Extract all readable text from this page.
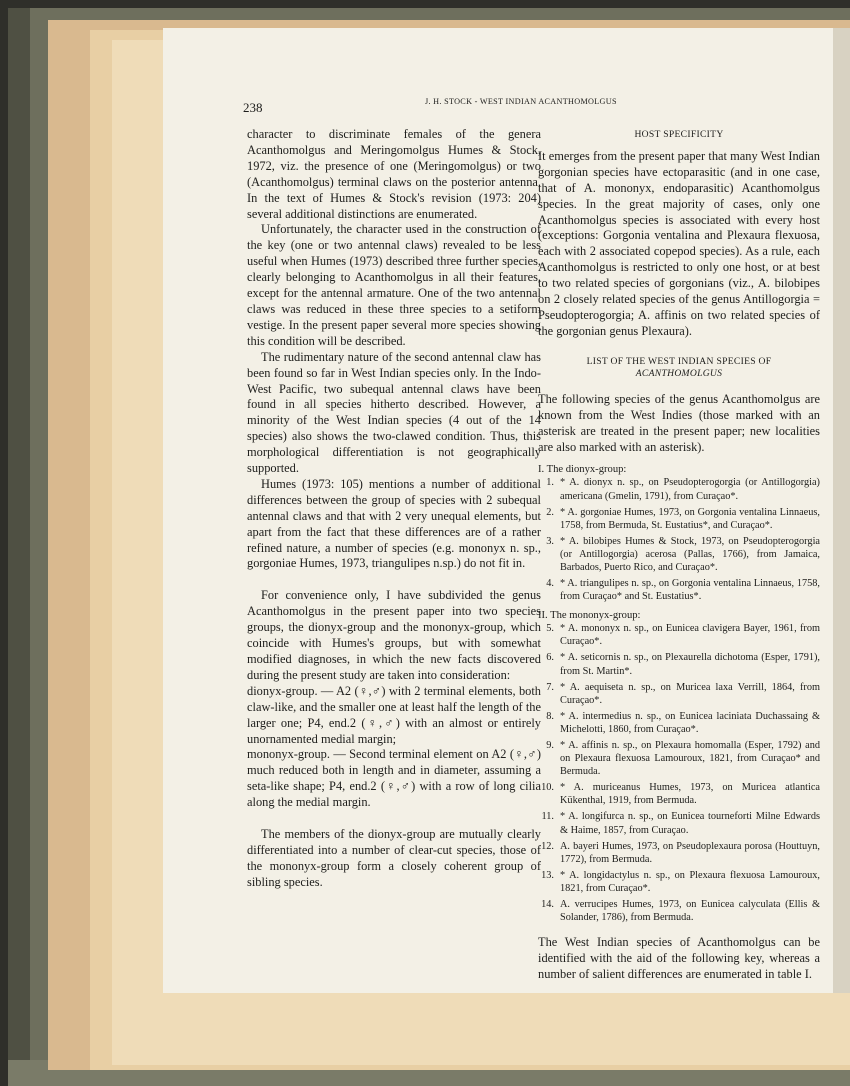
238	J. H. STOCK - WEST INDIAN ACANTHOMOLGUS

character to discriminate females of the genera Acanthomolgus and Meringomolgus Humes & Stock, 1972, viz. the presence of one (Meringomolgus) or two (Acanthomolgus) terminal claws on the posterior antenna. In the text of Humes & Stock's revision (1973: 204) several additional distinctions are enumerated.

Unfortunately, the character used in the construction of the key (one or two antennal claws) revealed to be less useful when Humes (1973) described three further species, clearly belonging to Acanthomolgus in all their features, except for the antennal armature. One of the two antennal claws was reduced in these three species to a setiform vestige. In the present paper several more species showing this condition will be described.

The rudimentary nature of the second antennal claw has been found so far in West Indian species only. In the Indo-West Pacific, two subequal antennal claws have been found in all species hitherto described. However, a minority of the West Indian species (4 out of the 14 species) also shows the two-clawed condition. Thus, this morphological differentiation is not geographically supported.

Humes (1973: 105) mentions a number of additional differences between the group of species with 2 subequal antennal claws and that with 2 very unequal elements, but apart from the fact that these differences are of a rather refined nature, a number of species (e.g. mononyx n. sp., gorgoniae Humes, 1973, triangulipes n.sp.) do not fit in.

For convenience only, I have subdivided the genus Acanthomolgus in the present paper into two species groups, the dionyx-group and the mononyx-group, which coincide with Humes's groups, but with somewhat modified diagnoses, in which the new facts discovered during the present study are taken into consideration:

dionyx-group. — A2 (♀,♂) with 2 terminal elements, both claw-like, and the smaller one at least half the length of the larger one; P4, end.2 (♀,♂) with an almost or entirely unornamented medial margin;

mononyx-group. — Second terminal element on A2 (♀,♂) much reduced both in length and in diameter, assuming a seta-like shape; P4, end.2 (♀,♂) with a row of long cilia along the medial margin.

The members of the dionyx-group are mutually clearly differentiated into a number of clear-cut species, those of the mononyx-group form a closely coherent group of sibling species.

HOST SPECIFICITY

It emerges from the present paper that many West Indian gorgonian species have ectoparasitic (and in one case, that of A. mononyx, endoparasitic) Acanthomolgus species. In the great majority of cases, only one Acanthomolgus species is associated with every host (exceptions: Gorgonia ventalina and Plexaura flexuosa, each with 2 associated copepod species). As a rule, each Acanthomolgus is restricted to only one host, or at best to two related species of gorgonians (viz., A. bilobipes on 2 closely related species of the genus Antillogorgia = Pseudopterogorgia; A. affinis on two related species of the gorgonian genus Plexaura).

LIST OF THE WEST INDIAN SPECIES OF

ACANTHOMOLGUS

The following species of the genus Acanthomolgus are known from the West Indies (those marked with an asterisk are treated in the present paper; new localities are also marked with an asterisk).

I. The dionyx-group:

1. * A. dionyx n. sp., on Pseudopterogorgia (or Antillogorgia) americana (Gmelin, 1791), from Curaçao*.
2. * A. gorgoniae Humes, 1973, on Gorgonia ventalina Linnaeus, 1758, from Bermuda, St. Eustatius*, and Curaçao*.
3. * A. bilobipes Humes & Stock, 1973, on Pseudopterogorgia (or Antillogorgia) acerosa (Pallas, 1766), from Jamaica, Barbados, Puerto Rico, and Curaçao*.
4. * A. triangulipes n. sp., on Gorgonia ventalina Linnaeus, 1758, from Curaçao* and St. Eustatius*.

II. The mononyx-group:

5. * A. mononyx n. sp., on Eunicea clavigera Bayer, 1961, from Curaçao*.
6. * A. seticornis n. sp., on Plexaurella dichotoma (Esper, 1791), from St. Martin*.
7. * A. aequiseta n. sp., on Muricea laxa Verrill, 1864, from Curaçao*.
8. * A. intermedius n. sp., on Eunicea laciniata Duchassaing & Michelotti, 1860, from Curaçao*.
9. * A. affinis n. sp., on Plexaura homomalla (Esper, 1792) and on Plexaura flexuosa Lamouroux, 1821, from Curaçao* and Bermuda.
10. * A. muriceanus Humes, 1973, on Muricea atlantica Kükenthal, 1919, from Bermuda.
11. * A. longifurca n. sp., on Eunicea tourneforti Milne Edwards & Haime, 1857, from Curaçao.
12. A. bayeri Humes, 1973, on Pseudoplexaura porosa (Houttuyn, 1772), from Bermuda.
13. * A. longidactylus n. sp., on Plexaura flexuosa Lamouroux, 1821, from Curaçao*.
14. A. verrucipes Humes, 1973, on Eunicea calyculata (Ellis & Solander, 1786), from Bermuda.

The West Indian species of Acanthomolgus can be identified with the aid of the following key, whereas a number of salient differences are enumerated in table I.
